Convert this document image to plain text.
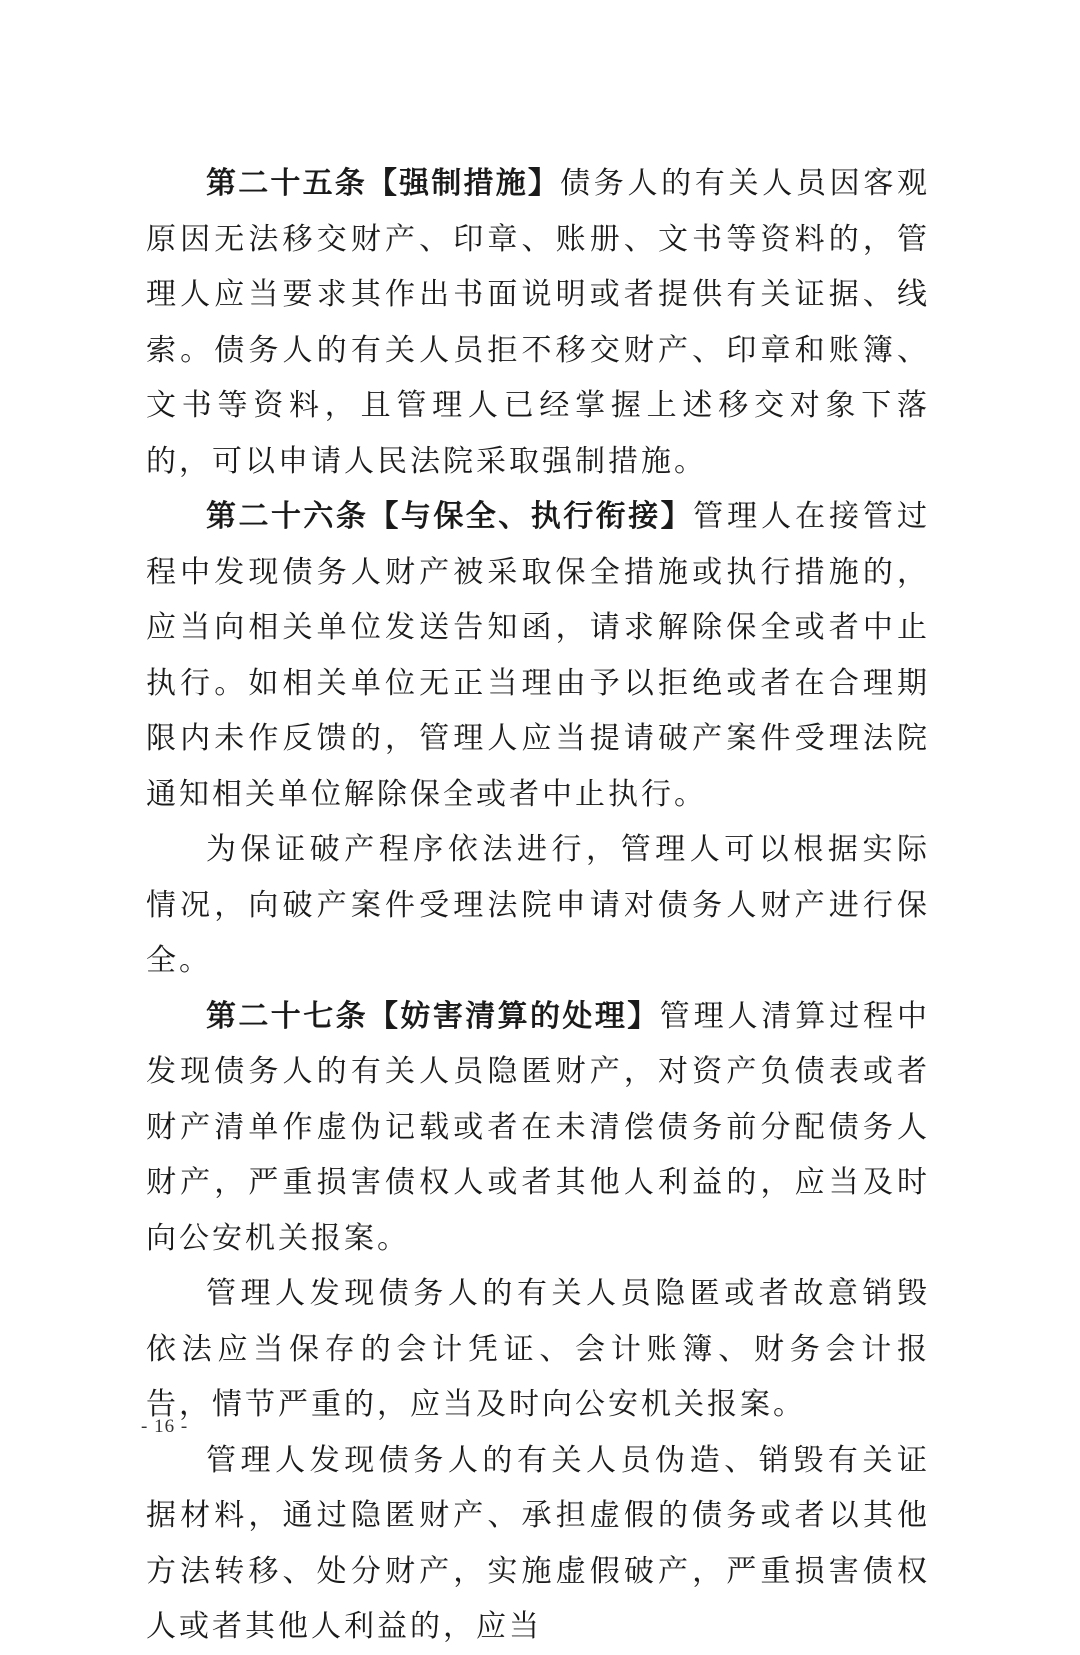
第二十五条【强制措施】债务人的有关人员因客观原因无法移交财产、印章、账册、文书等资料的，管理人应当要求其作出书面说明或者提供有关证据、线索。债务人的有关人员拒不移交财产、印章和账簿、文书等资料，且管理人已经掌握上述移交对象下落的，可以申请人民法院采取强制措施。

第二十六条【与保全、执行衔接】管理人在接管过程中发现债务人财产被采取保全措施或执行措施的，应当向相关单位发送告知函，请求解除保全或者中止执行。如相关单位无正当理由予以拒绝或者在合理期限内未作反馈的，管理人应当提请破产案件受理法院通知相关单位解除保全或者中止执行。

为保证破产程序依法进行，管理人可以根据实际情况，向破产案件受理法院申请对债务人财产进行保全。

第二十七条【妨害清算的处理】管理人清算过程中发现债务人的有关人员隐匿财产，对资产负债表或者财产清单作虚伪记载或者在未清偿债务前分配债务人财产，严重损害债权人或者其他人利益的，应当及时向公安机关报案。

管理人发现债务人的有关人员隐匿或者故意销毁依法应当保存的会计凭证、会计账簿、财务会计报告，情节严重的，应当及时向公安机关报案。

管理人发现债务人的有关人员伪造、销毁有关证据材料，通过隐匿财产、承担虚假的债务或者以其他方法转移、处分财产，实施虚假破产，严重损害债权人或者其他人利益的，应当

- 16 -
